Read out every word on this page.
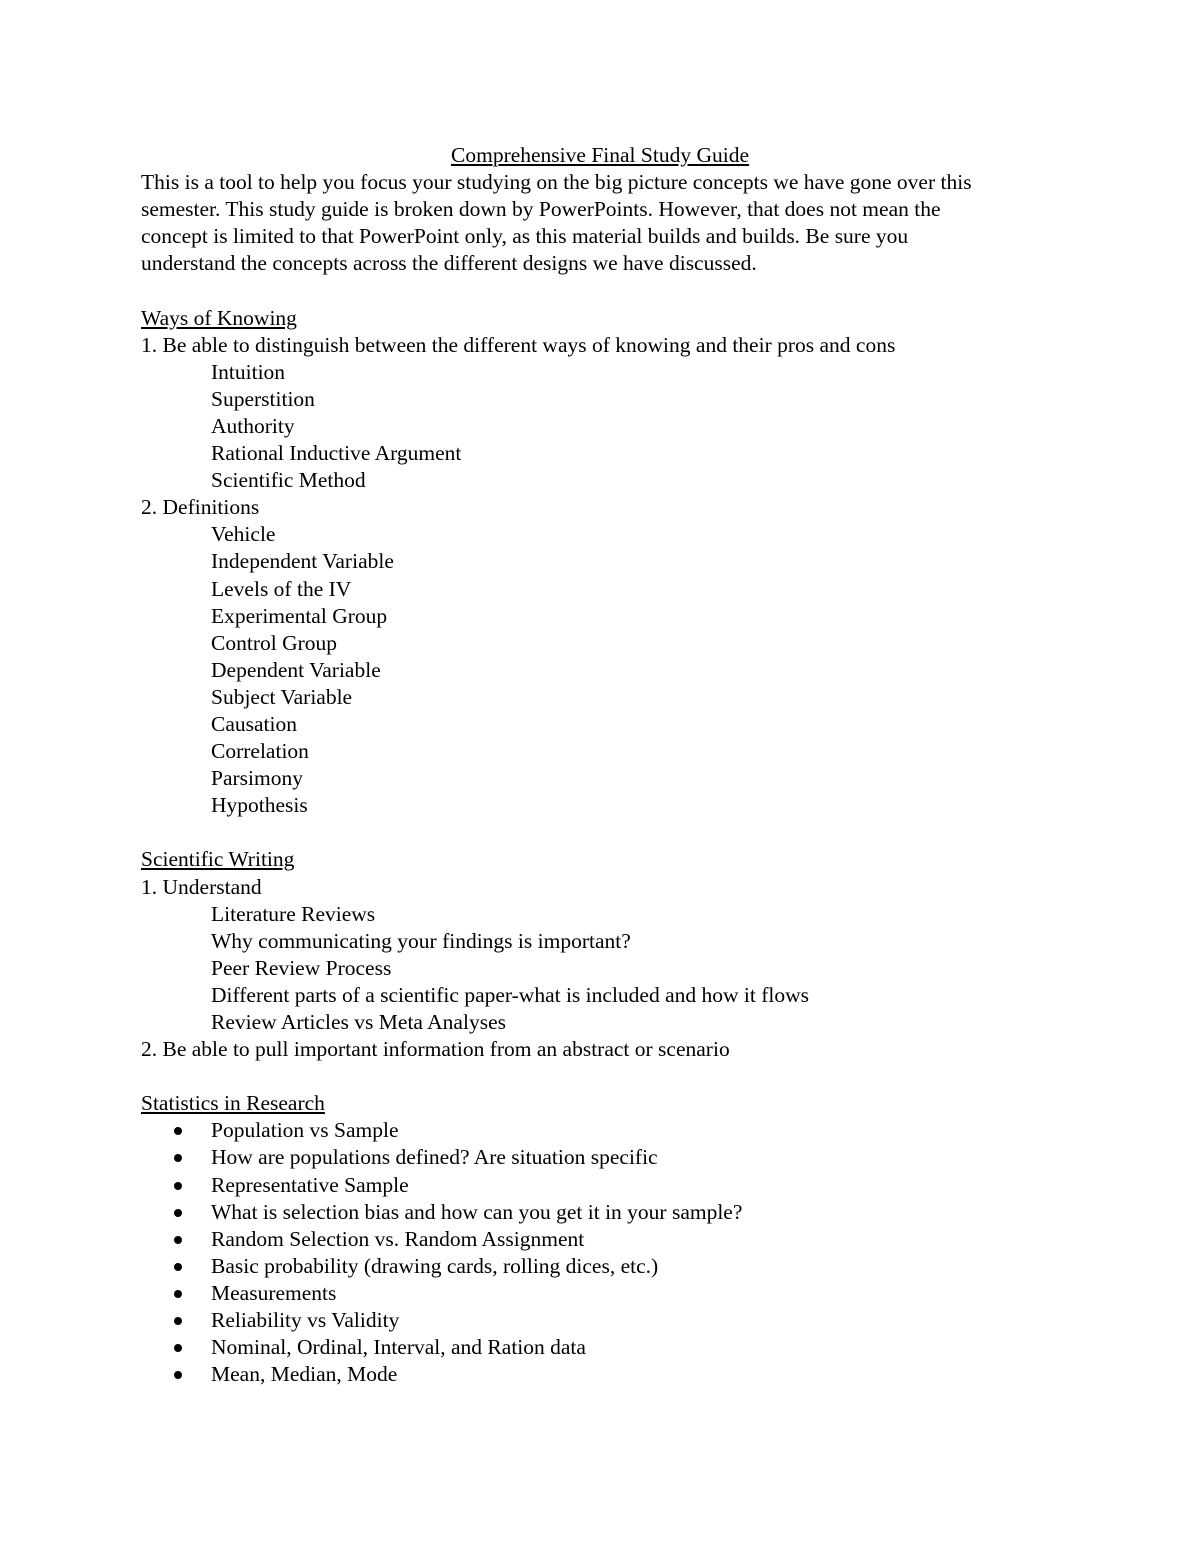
Comprehensive Final Study Guide
This is a tool to help you focus your studying on the big picture concepts we have gone over this
semester. This study guide is broken down by PowerPoints. However, that does not mean the
concept is limited to that PowerPoint only, as this material builds and builds. Be sure you
understand the concepts across the different designs we have discussed.
Ways of Knowing
1. Be able to distinguish between the different ways of knowing and their pros and cons
Intuition
Superstition
Authority
Rational Inductive Argument
Scientific Method
2. Definitions
Vehicle
Independent Variable
Levels of the IV
Experimental Group
Control Group
Dependent Variable
Subject Variable
Causation
Correlation
Parsimony
Hypothesis
Scientific Writing
1. Understand
Literature Reviews
Why communicating your findings is important?
Peer Review Process
Different parts of a scientific paper-what is included and how it flows
Review Articles vs Meta Analyses
2. Be able to pull important information from an abstract or scenario
Statistics in Research
Population vs Sample
How are populations defined? Are situation specific
Representative Sample
What is selection bias and how can you get it in your sample?
Random Selection vs. Random Assignment
Basic probability (drawing cards, rolling dices, etc.)
Measurements
Reliability vs Validity
Nominal, Ordinal, Interval, and Ration data
Mean, Median, Mode
